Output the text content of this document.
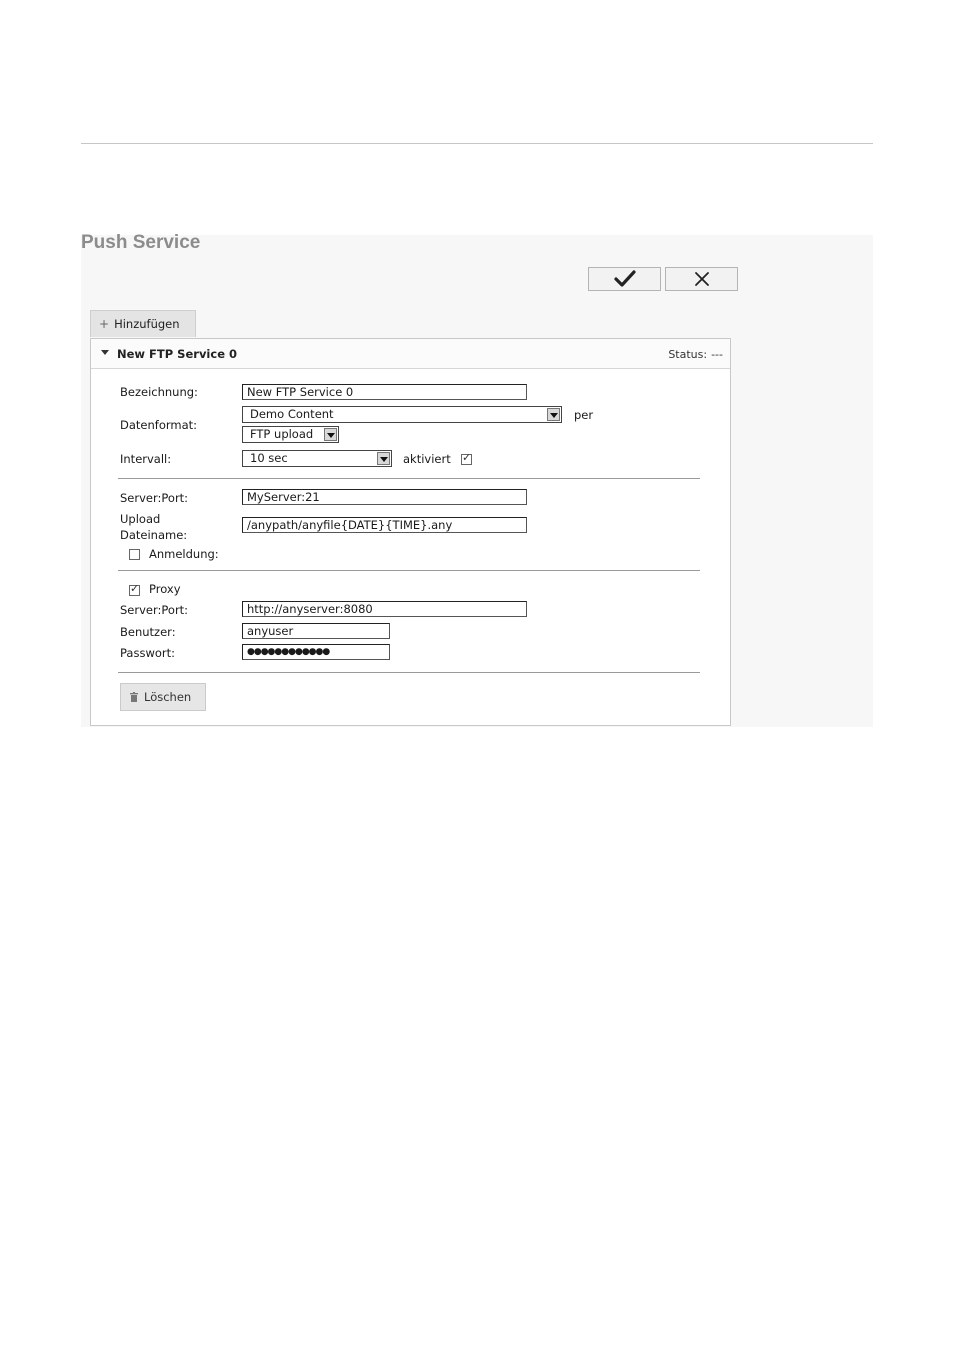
Push Service
+ Hinzufügen
New FTP Service 0	Status: ---
Bezeichnung:	New FTP Service 0
Datenformat:
Demo Content	per
FTP upload
Intervall:	10 sec	aktiviert ✓
Server:Port:	MyServer:21
Upload
Dateiname:
/anypath/anyfile{DATE}{TIME}.any
Anmeldung:
✓ Proxy
Server:Port:	http://anyserver:8080
Benutzer:	anyuser
Passwort:	●●●●●●●●●●●●
Löschen
